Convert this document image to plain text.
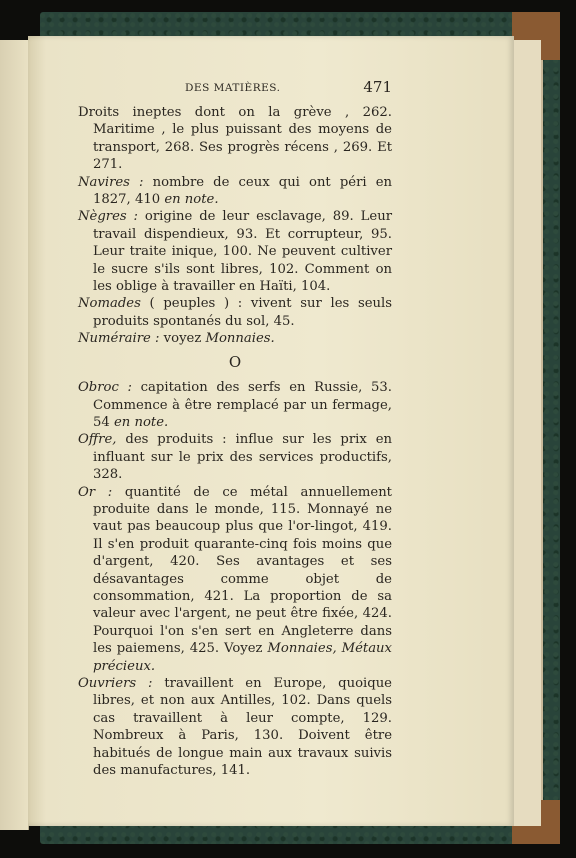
DES MATIÈRES.	471

Droits ineptes dont on la grève , 262. Maritime , le plus puissant des moyens de transport, 268. Ses progrès récens , 269. Et 271.

Navires : nombre de ceux qui ont péri en 1827, 410 en note.

Nègres : origine de leur esclavage, 89. Leur travail dispendieux, 93. Et corrupteur, 95. Leur traite inique, 100. Ne peuvent cultiver le sucre s'ils sont libres, 102. Comment on les oblige à travailler en Haïti, 104.

Nomades ( peuples ) : vivent sur les seuls produits spontanés du sol, 45.

Numéraire : voyez Monnaies.

O

Obroc : capitation des serfs en Russie, 53. Commence à être remplacé par un fermage, 54 en note.

Offre, des produits : influe sur les prix en influant sur le prix des services productifs, 328.

Or : quantité de ce métal annuellement produite dans le monde, 115. Monnayé ne vaut pas beaucoup plus que l'or-lingot, 419. Il s'en produit quarante-cinq fois moins que d'argent, 420. Ses avantages et ses désavantages comme objet de consommation, 421. La proportion de sa valeur avec l'argent, ne peut être fixée, 424. Pourquoi l'on s'en sert en Angleterre dans les paiemens, 425. Voyez Monnaies, Métaux précieux.

Ouvriers : travaillent en Europe, quoique libres, et non aux Antilles, 102. Dans quels cas travaillent à leur compte, 129. Nombreux à Paris, 130. Doivent être habitués de longue main aux travaux suivis des manufactures, 141.
